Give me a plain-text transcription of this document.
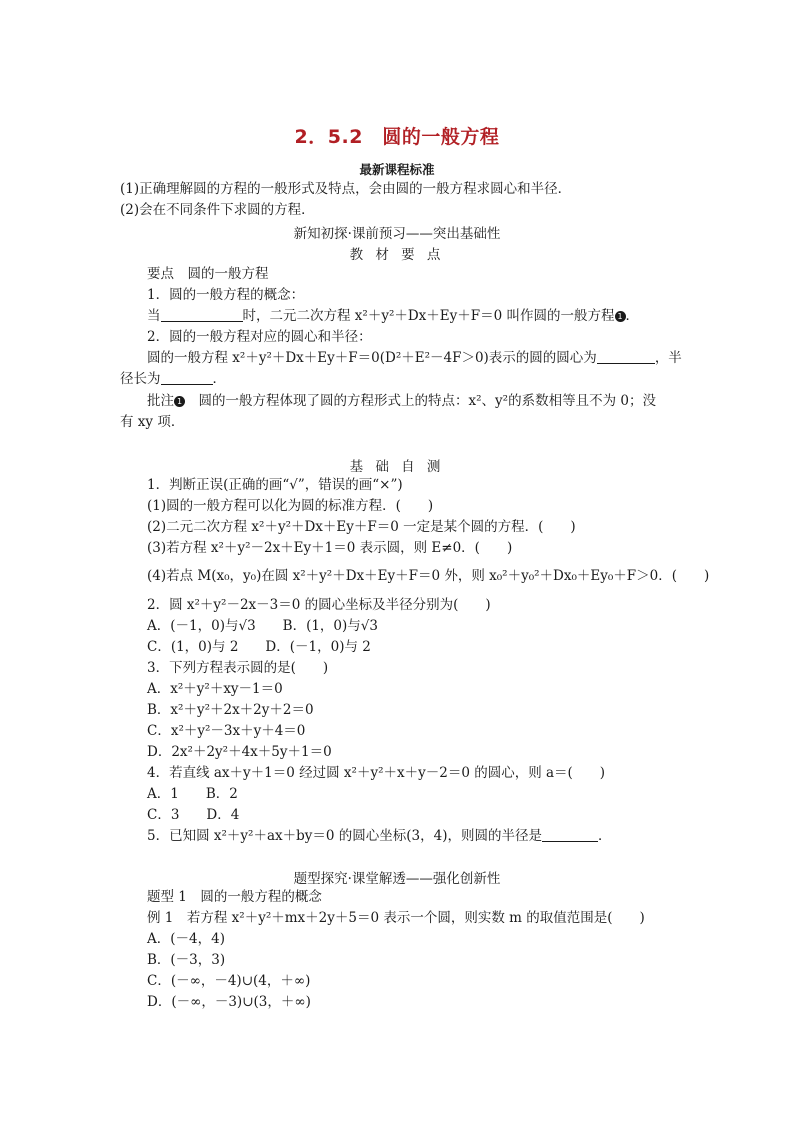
2．5.2　圆的一般方程
最新课程标准
(1)正确理解圆的方程的一般形式及特点，会由圆的一般方程求圆心和半径．
(2)会在不同条件下求圆的方程．
新知初探·课前预习——突出基础性
教 材 要 点
要点　圆的一般方程
1．圆的一般方程的概念：
当	时，二元二次方程 x²＋y²＋Dx＋Ey＋F＝0 叫作圆的一般方程 1 ．
2．圆的一般方程对应的圆心和半径：
圆的一般方程 x²＋y²＋Dx＋Ey＋F＝0(D²＋E²－4F＞0)表示的圆的圆心为	，半
径长为	．
批注 1　圆的一般方程体现了圆的方程形式上的特点：x²、y²的系数相等且不为 0；没
有 xy 项．
基 础 自 测
1．判断正误(正确的画“√”，错误的画“×”)
(1)圆的一般方程可以化为圆的标准方程．(　　)
(2)二元二次方程 x²＋y²＋Dx＋Ey＋F＝0 一定是某个圆的方程．(　　)
(3)若方程 x²＋y²－2x＋Ey＋1＝0 表示圆，则 E≠0．(　　)
(4)若点 M(x₀，y₀)在圆 x²＋y²＋Dx＋Ey＋F＝0 外，则 x₀²＋y₀²＋Dx₀＋Ey₀＋F＞0．(　　)
2．圆 x²＋y²－2x－3＝0 的圆心坐标及半径分别为(　　)
A．(－1，0)与√3　　B．(1，0)与√3
C．(1，0)与 2　　D．(－1，0)与 2
3．下列方程表示圆的是(　　)
A．x²＋y²＋xy－1＝0
B．x²＋y²＋2x＋2y＋2＝0
C．x²＋y²－3x＋y＋4＝0
D．2x²＋2y²＋4x＋5y＋1＝0
4．若直线 ax＋y＋1＝0 经过圆 x²＋y²＋x＋y－2＝0 的圆心，则 a＝(　　)
A．1　　B．2
C．3　　D．4
5．已知圆 x²＋y²＋ax＋by＝0 的圆心坐标(3，4)，则圆的半径是	．
题型探究·课堂解透——强化创新性
题型 1　圆的一般方程的概念
例 1　若方程 x²＋y²＋mx＋2y＋5＝0 表示一个圆，则实数 m 的取值范围是(　　)
A．(－4，4)
B．(－3，3)
C．(－∞，－4)∪(4，＋∞)
D．(－∞，－3)∪(3，＋∞)
